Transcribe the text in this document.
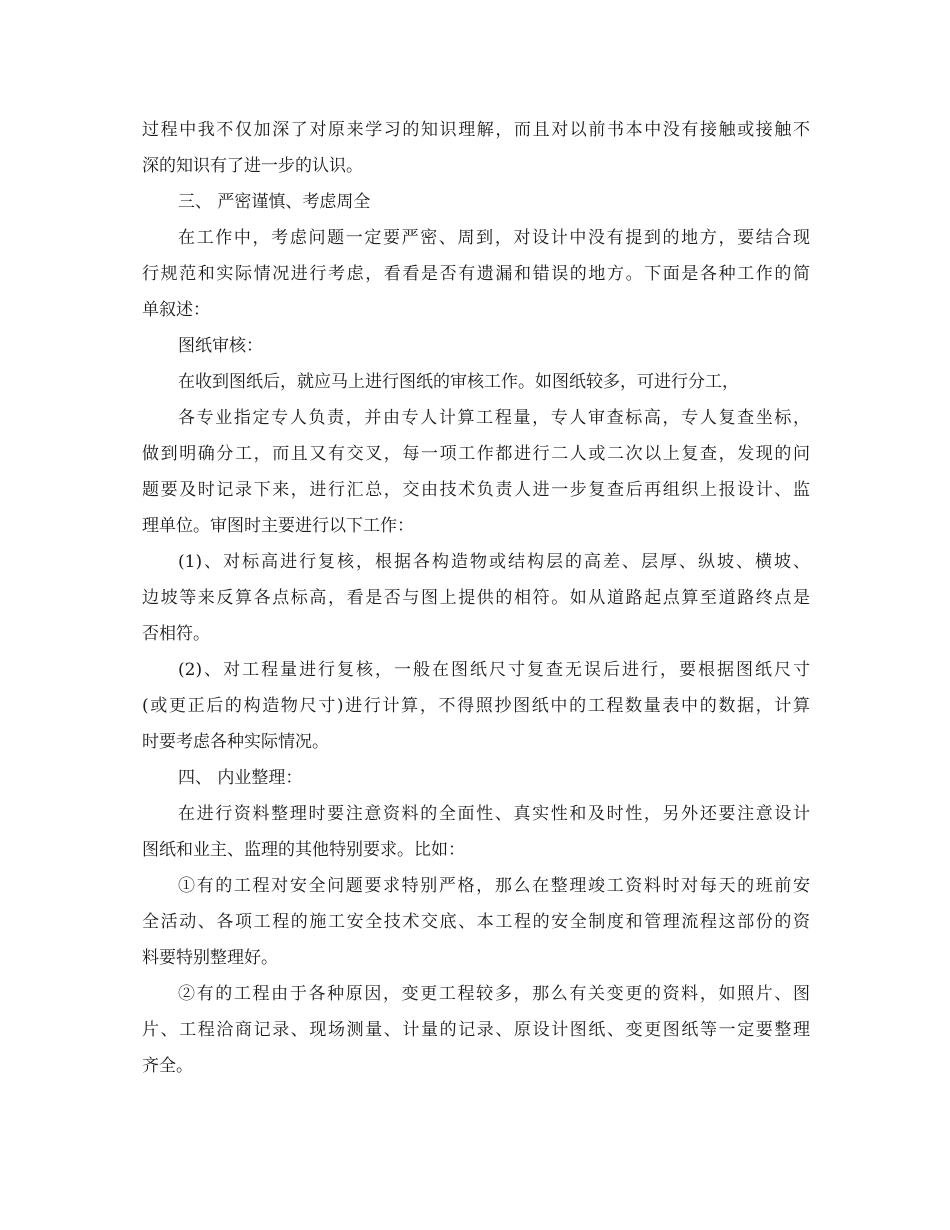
过程中我不仅加深了对原来学习的知识理解，而且对以前书本中没有接触或接触不
深的知识有了进一步的认识。
三、 严密谨慎、考虑周全
在工作中，考虑问题一定要严密、周到，对设计中没有提到的地方，要结合现
行规范和实际情况进行考虑，看看是否有遗漏和错误的地方。下面是各种工作的简
单叙述：
图纸审核：
在收到图纸后，就应马上进行图纸的审核工作。如图纸较多，可进行分工，
各专业指定专人负责，并由专人计算工程量，专人审查标高，专人复查坐标，
做到明确分工，而且又有交叉，每一项工作都进行二人或二次以上复查，发现的问
题要及时记录下来，进行汇总，交由技术负责人进一步复查后再组织上报设计、监
理单位。审图时主要进行以下工作：
(1)、对标高进行复核，根据各构造物或结构层的高差、层厚、纵坡、横坡、
边坡等来反算各点标高，看是否与图上提供的相符。如从道路起点算至道路终点是
否相符。
(2)、对工程量进行复核，一般在图纸尺寸复查无误后进行，要根据图纸尺寸
(或更正后的构造物尺寸)进行计算，不得照抄图纸中的工程数量表中的数据，计算
时要考虑各种实际情况。
四、 内业整理：
在进行资料整理时要注意资料的全面性、真实性和及时性，另外还要注意设计
图纸和业主、监理的其他特别要求。比如：
①有的工程对安全问题要求特别严格，那么在整理竣工资料时对每天的班前安
全活动、各项工程的施工安全技术交底、本工程的安全制度和管理流程这部份的资
料要特别整理好。
②有的工程由于各种原因，变更工程较多，那么有关变更的资料，如照片、图
片、工程洽商记录、现场测量、计量的记录、原设计图纸、变更图纸等一定要整理
齐全。
